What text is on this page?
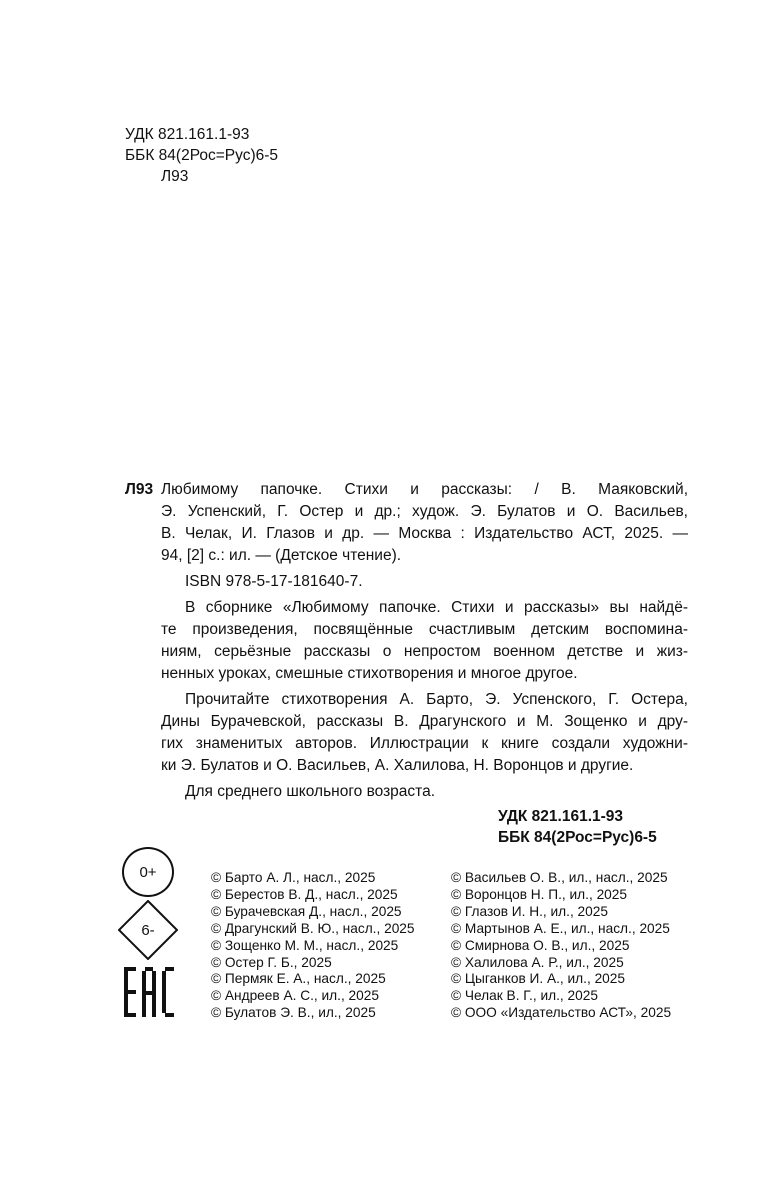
УДК 821.161.1-93
ББК 84(2Рос=Рус)6-5
Л93
Л93 Любимому папочке. Стихи и рассказы: / В. Маяковский,
Э. Успенский, Г. Остер и др.; худож. Э. Булатов и О. Васильев,
В. Челак, И. Глазов и др. — Москва : Издательство АСТ, 2025. —
94, [2] с.: ил. — (Детское чтение).
ISBN 978-5-17-181640-7.
В сборнике «Любимому папочке. Стихи и рассказы» вы найдё-
те произведения, посвящённые счастливым детским воспомина-
ниям, серьёзные рассказы о непростом военном детстве и жиз-
ненных уроках, смешные стихотворения и многое другое.
Прочитайте стихотворения А. Барто, Э. Успенского, Г. Остера,
Дины Бурачевской, рассказы В. Драгунского и М. Зощенко и дру-
гих знаменитых авторов. Иллюстрации к книге создали художни-
ки Э. Булатов и О. Васильев, А. Халилова, Н. Воронцов и другие.
Для среднего школьного возраста.
УДК 821.161.1-93
ББК 84(2Рос=Рус)6-5
0+
6-
© Барто А. Л., насл., 2025
© Берестов В. Д., насл., 2025
© Бурачевская Д., насл., 2025
© Драгунский В. Ю., насл., 2025
© Зощенко М. М., насл., 2025
© Остер Г. Б., 2025
© Пермяк Е. А., насл., 2025
© Андреев А. С., ил., 2025
© Булатов Э. В., ил., 2025
© Васильев О. В., ил., насл., 2025
© Воронцов Н. П., ил., 2025
© Глазов И. Н., ил., 2025
© Мартынов А. Е., ил., насл., 2025
© Смирнова О. В., ил., 2025
© Халилова А. Р., ил., 2025
© Цыганков И. А., ил., 2025
© Челак В. Г., ил., 2025
© ООО «Издательство АСТ», 2025
